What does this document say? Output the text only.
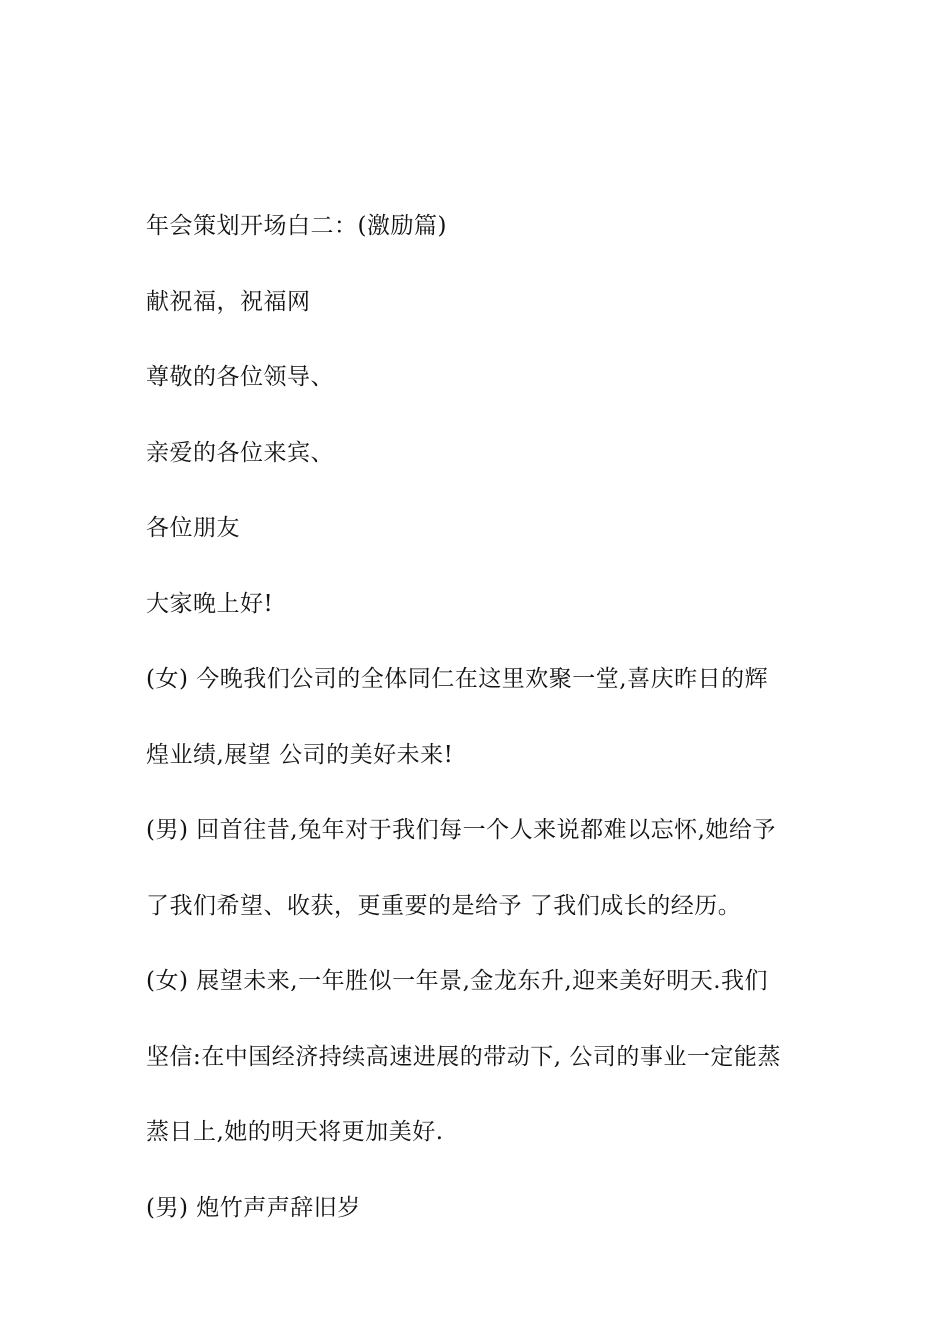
年会策划开场白二：(激励篇)
献祝福，祝福网
尊敬的各位领导、
亲爱的各位来宾、
各位朋友
大家晚上好!
(女) 今晚我们公司的全体同仁在这里欢聚一堂,喜庆昨日的辉
煌业绩,展望 公司的美好未来!
(男) 回首往昔,兔年对于我们每一个人来说都难以忘怀,她给予
了我们希望、收获，更重要的是给予 了我们成长的经历。
(女) 展望未来,一年胜似一年景,金龙东升,迎来美好明天.我们
坚信:在中国经济持续高速进展的带动下, 公司的事业一定能蒸
蒸日上,她的明天将更加美好.
(男) 炮竹声声辞旧岁
